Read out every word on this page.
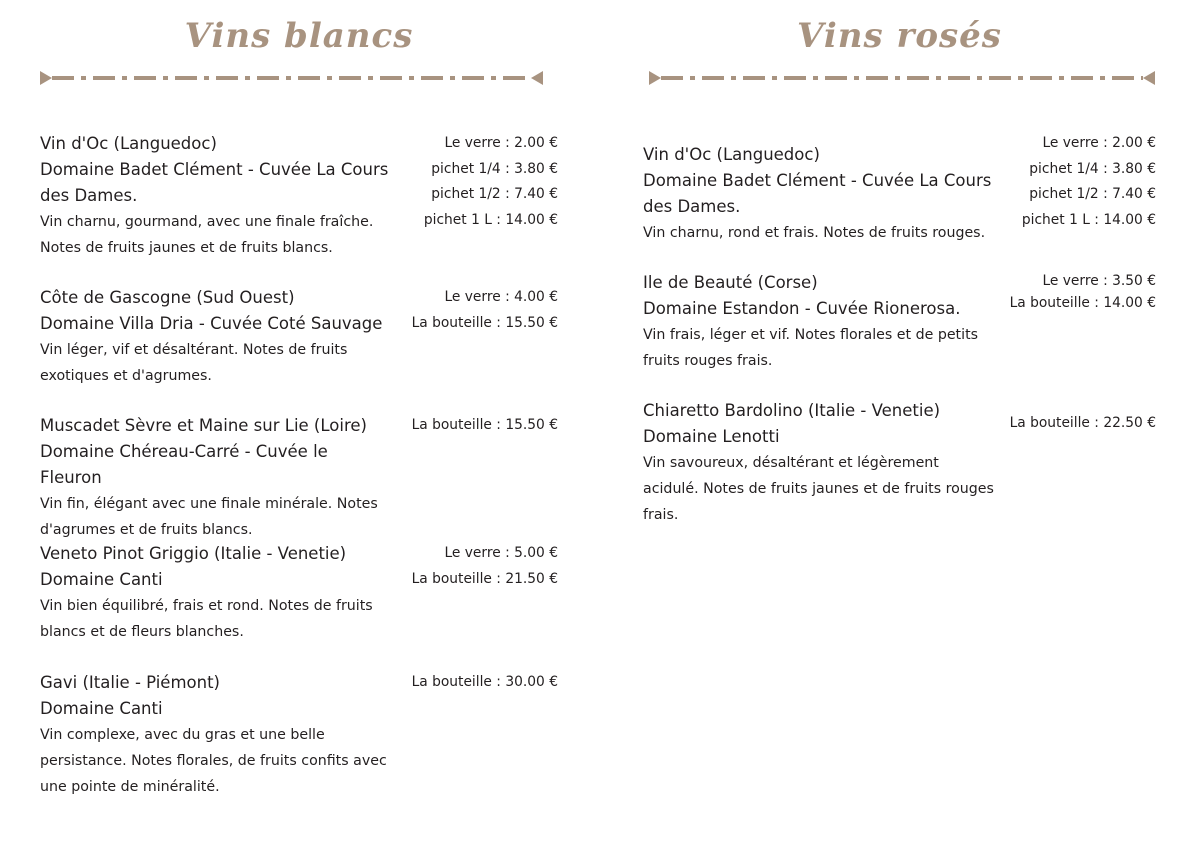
Vins blancs
Vin d'Oc (Languedoc)
Domaine Badet Clément - Cuvée La Cours des Dames.
Vin charnu, gourmand, avec une finale fraîche. Notes de fruits jaunes et de fruits blancs.
Le verre : 2.00 €
pichet 1/4 : 3.80 €
pichet 1/2 : 7.40 €
pichet 1 L : 14.00 €
Côte de Gascogne (Sud Ouest)
Domaine Villa Dria - Cuvée Coté Sauvage
Vin léger, vif et désaltérant. Notes de fruits exotiques et d'agrumes.
Le verre : 4.00 €
La bouteille : 15.50 €
Muscadet Sèvre et Maine sur Lie (Loire)
Domaine Chéreau-Carré - Cuvée le Fleuron
Vin fin, élégant avec une finale minérale. Notes d'agrumes et de fruits blancs.
La bouteille : 15.50 €
Veneto Pinot Griggio (Italie - Venetie)
Domaine Canti
Vin bien équilibré, frais et rond. Notes de fruits blancs et de fleurs blanches.
Le verre : 5.00 €
La bouteille : 21.50 €
Gavi (Italie - Piémont)
Domaine Canti
Vin complexe, avec du gras et une belle persistance. Notes florales, de fruits confits avec une pointe de minéralité.
La bouteille : 30.00 €
Vins rosés
Vin d'Oc (Languedoc)
Domaine Badet Clément - Cuvée La Cours des Dames.
Vin charnu, rond et frais. Notes de fruits rouges.
Le verre : 2.00 €
pichet 1/4 : 3.80 €
pichet 1/2 : 7.40 €
pichet 1 L : 14.00 €
Ile de Beauté (Corse)
Domaine Estandon - Cuvée Rionerosa.
Vin frais, léger et vif. Notes florales et de petits fruits rouges frais.
Le verre : 3.50 €
La bouteille : 14.00 €
Chiaretto Bardolino (Italie - Venetie)
Domaine Lenotti
Vin savoureux, désaltérant et légèrement acidulé. Notes de fruits jaunes et de fruits rouges frais.
La bouteille : 22.50 €
